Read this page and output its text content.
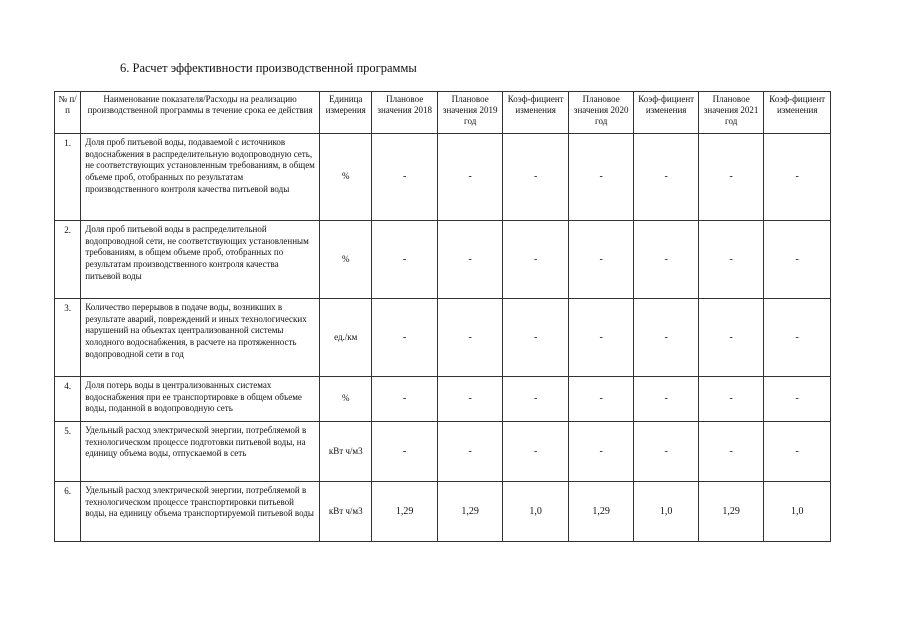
6. Расчет эффективности производственной программы
№ п/п	Наименование показателя/Расходы на реализацию производственной программы в течение срока ее действия	Единица измерения	Плановое значения 2018	Плановое значения 2019 год	Коэф-фициент изменения	Плановое значения 2020 год	Коэф-фициент изменения	Плановое значения 2021 год	Коэф-фициент изменения
1.	Доля проб питьевой воды, подаваемой с источников водоснабжения в распределительную водопроводную сеть, не соответствующих установленным требованиям, в общем объеме проб, отобранных по результатам производственного контроля качества питьевой воды	%	-	-	-	-	-	-	-
2.	Доля проб питьевой воды в распределительной водопроводной сети, не соответствующих установленным требованиям, в общем объеме проб, отобранных по результатам производственного контроля качества питьевой воды	%	-	-	-	-	-	-	-
3.	Количество перерывов в подаче воды, возникших в результате аварий, повреждений и иных технологических нарушений на объектах централизованной системы холодного водоснабжения, в расчете на протяженность водопроводной сети в год	ед./км	-	-	-	-	-	-	-
4.	Доля потерь воды в централизованных системах водоснабжения при ее транспортировке в общем объеме воды, поданной в водопроводную сеть	%	-	-	-	-	-	-	-
5.	Удельный расход электрической энергии, потребляемой в технологическом процессе подготовки питьевой воды, на единицу объема воды, отпускаемой в сеть	кВт ч/м3	-	-	-	-	-	-	-
6.	Удельный расход электрической энергии, потребляемой в технологическом процессе транспортировки питьевой воды, на единицу объема транспортируемой питьевой воды	кВт ч/м3	1,29	1,29	1,0	1,29	1,0	1,29	1,0
